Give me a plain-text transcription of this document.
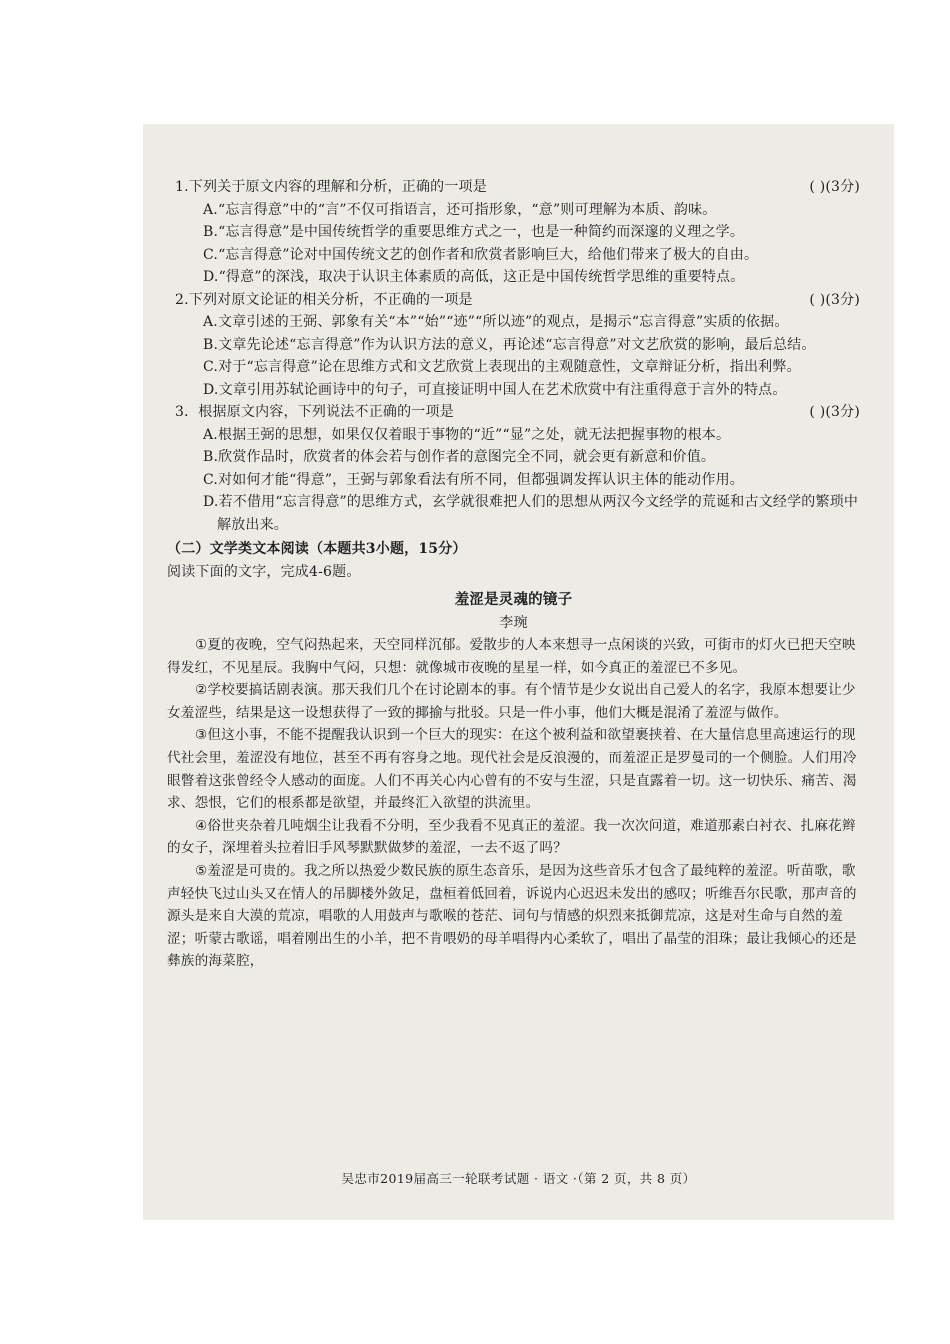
1.下列关于原文内容的理解和分析，正确的一项是	( )(3分)
A.“忘言得意”中的“言”不仅可指语言，还可指形象，“意”则可理解为本质、韵味。
B.“忘言得意”是中国传统哲学的重要思维方式之一，也是一种简约而深邃的义理之学。
C.“忘言得意”论对中国传统文艺的创作者和欣赏者影响巨大，给他们带来了极大的自由。
D.“得意”的深浅，取决于认识主体素质的高低，这正是中国传统哲学思维的重要特点。
2.下列对原文论证的相关分析，不正确的一项是	( )(3分)
A.文章引述的王弼、郭象有关“本”“始”“迹”“所以迹”的观点，是揭示“忘言得意”实质的依据。
B.文章先论述“忘言得意”作为认识方法的意义，再论述“忘言得意”对文艺欣赏的影响，最后总结。
C.对于“忘言得意”论在思维方式和文艺欣赏上表现出的主观随意性，文章辩证分析，指出利弊。
D.文章引用苏轼论画诗中的句子，可直接证明中国人在艺术欣赏中有注重得意于言外的特点。
3．根据原文内容，下列说法不正确的一项是	( )(3分)
A.根据王弼的思想，如果仅仅着眼于事物的“近”“显”之处，就无法把握事物的根本。
B.欣赏作品时，欣赏者的体会若与创作者的意图完全不同，就会更有新意和价值。
C.对如何才能“得意”，王弼与郭象看法有所不同，但都强调发挥认识主体的能动作用。
D.若不借用“忘言得意”的思维方式，玄学就很难把人们的思想从两汉今文经学的荒诞和古文经学的繁琐中解放出来。
（二）文学类文本阅读（本题共3小题，15分）
阅读下面的文字，完成4-6题。
羞涩是灵魂的镜子
李琬
①夏的夜晚，空气闷热起来，天空同样沉郁。爱散步的人本来想寻一点闲谈的兴致，可街市的灯火已把天空映得发红，不见星辰。我胸中气闷，只想：就像城市夜晚的星星一样，如今真正的羞涩已不多见。
②学校要搞话剧表演。那天我们几个在讨论剧本的事。有个情节是少女说出自己爱人的名字，我原本想要让少女羞涩些，结果是这一设想获得了一致的揶揄与批驳。只是一件小事，他们大概是混淆了羞涩与做作。
③但这小事，不能不提醒我认识到一个巨大的现实：在这个被利益和欲望裹挟着、在大量信息里高速运行的现代社会里，羞涩没有地位，甚至不再有容身之地。现代社会是反浪漫的，而羞涩正是罗曼司的一个侧脸。人们用冷眼瞥着这张曾经令人感动的面庞。人们不再关心内心曾有的不安与生涩，只是直露着一切。这一切快乐、痛苦、渴求、怨恨，它们的根系都是欲望，并最终汇入欲望的洪流里。
④俗世夹杂着几吨烟尘让我看不分明，至少我看不见真正的羞涩。我一次次问道，难道那素白衬衣、扎麻花辫的女子，深埋着头拉着旧手风琴默默做梦的羞涩，一去不返了吗？
⑤羞涩是可贵的。我之所以热爱少数民族的原生态音乐，是因为这些音乐才包含了最纯粹的羞涩。听苗歌，歌声轻快飞过山头又在情人的吊脚楼外敛足，盘桓着低回着，诉说内心迟迟未发出的感叹；听维吾尔民歌，那声音的源头是来自大漠的荒凉，唱歌的人用鼓声与歌喉的苍茫、词句与情感的炽烈来抵御荒凉，这是对生命与自然的羞涩；听蒙古歌谣，唱着刚出生的小羊，把不肯喂奶的母羊唱得内心柔软了，唱出了晶莹的泪珠；最让我倾心的还是彝族的海菜腔，
吴忠市2019届高三一轮联考试题 · 语文 ·（第 2 页，共 8 页）
